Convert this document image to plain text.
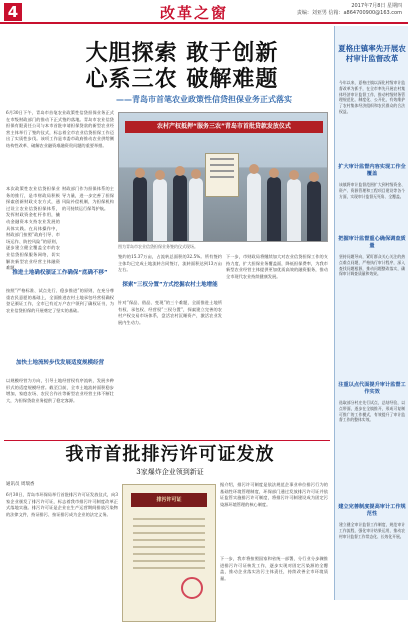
4	改革之窗	2017年7月8日 星期四
责编：刘亚男 信箱：a864700900@163.com
大胆探索 敢于创新
心系三农 破解难题
——青岛市首笔农业政策性信贷担保业务正式落实
6月30日下午，青岛市首笔农业政策性信贷担保业务正式在市级财政部门的推动下正式签约落地。青岛市农业信贷担保有限责任公司与本市首批申请担保贷款的新型农业经营主体举行了签约仪式，标志着全市农业信贷担保工作迈出了实质性步伐。该项工作是市委市政府推动农业供给侧结构性改革、破解农业融资难融资贵问题的重要举措。
本次政策性农业信贷担保业务的推行，是市财政局积极探索创新财政支农方式，通过设立农业信贷担保体系，发挥财政资金杠杆作用，撬动金融资本支持农业发展的具体实践。在具体操作中，财政部门按照“政府引导、市场运作、防控风险”的原则，逐步建立健全覆盖全市的农业信贷担保服务网络，切实解决新型农业经营主体融资难题。
财政部门作为担保体系的主导力量，进一步完善了担保风险补偿机制，为担保机构的可持续运行保驾护航。
推进土地确权颁证工作确保“底确不移”
按照“严格标准、试点先行、稳步推进”的原则，在充分尊重农民意愿的基础上，全面推进农村土地承包经营权确权登记颁证工作，全市已有近万户农户领到了确权证书，为农业信贷担保的开展奠定了坚实的基础。
加快土地流转步伐发展适度规模经营
以规模经营为方向，引导土地经营权有序流转，发展多种形式的适度规模经营。截至目前，全市土地流转面积稳步增加，家庭农场、农民合作社等新型农业经营主体不断壮大，为担保贷款业务提供了稳定客源。
农村产权抵押“服务三农”青岛市首批贷款发放仪式
图为青岛市农业信贷担保业务签约仪式现场。
签约的15.37万亩，占流转总面积的32.5%。所有签约主体均已完成土地流转合同签订，流转面积达到13万亩左右。
下一步，市财政局将继续加大对农业信贷担保工作的支持力度，扩大担保业务覆盖面，降低担保费率，为我市新型农业经营主体提供更加优质高效的融资服务，推动全市现代农业持续健康发展。
探索“三权分置”方式挖掘农村土地增能
针对“保品、借品、变现”的三个难题，全面推进土地所有权、承包权、经营权“三权分置”，探索建立完善的农村产权交易市场体系，盘活农村沉睡资产，激活农业发展内生动力。
我市首批排污许可证发放
3家爆炸企业领到新证
通讯员 周瑞香
6月30日，青岛市环保局举行首批排污许可证发放仪式，向3家企业颁发了排污许可证，标志着我市排污许可制度改革正式落地实施。排污许可证是企业在生产运营期间排放污染物的法律文件，持证排污、按证排污成为企业的法定义务。
排污许可证
据介绍，排污许可制度是依法规范企事业单位排污行为的基础性环境管理制度，环保部门通过发放排污许可证并依证监管实施排污许可制度，将排污许可制建设成为固定污染源环境管理的核心制度。
下一步，我市将按照国家和省统一部署，分行业分步骤推进排污许可证核发工作，逐步实现对固定污染源的全覆盖，推动企业落实治污主体责任，持续改善全市环境质量。
夏格庄镇率先开展农村审计监督改革
今年以来，夏格庄镇以深化村级审计监督改革为抓手，在全市率先开展农村集体经济审计监督工作，推动村级财务管理规范化、制度化、公开化，有效维护了农村集体经济组织和农民群众的合法权益。
扩大审计监督内容实现工作全覆盖
该镇将审计监督范围扩大到村级资金、资产、资源管理和工程项目建设等各个方面，实现审计监督无死角、全覆盖。
把握审计监督重心确保调查质量
坚持问题导向，紧盯群众关心关注的热点难点问题，严格执行审计程序，深入查找问题根源，推动问题整改落实，确保审计调查质量和效果。
注重以点代面提升审计监督工作实效
选取部分村庄先行试点，总结经验，以点带面，逐步在全镇推开，形成可复制可推广的工作模式，有效提升了审计监督工作的整体实效。
建立完善制度提高审计工作规范性
建立健全审计监督工作制度，规范审计工作流程，强化审计结果运用，推动农村审计监督工作常态化、长效化开展。
